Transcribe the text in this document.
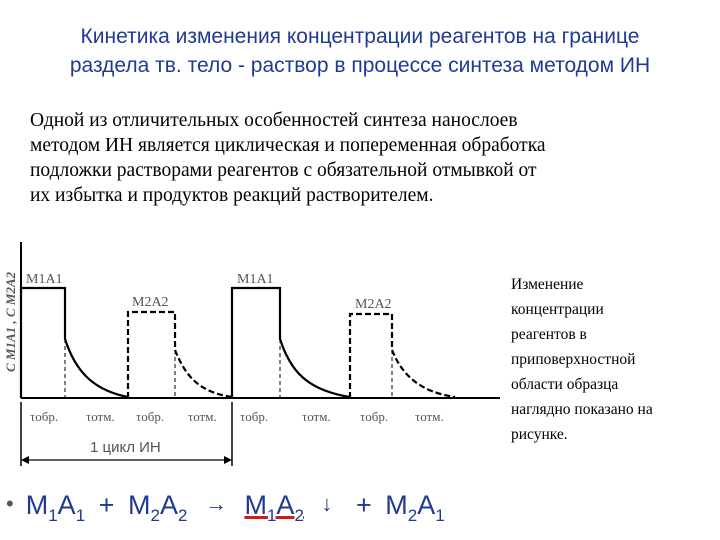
Кинетика изменения концентрации реагентов на границе
раздела тв. тело - раствор в процессе синтеза методом ИН
Одной из отличительных особенностей синтеза нанослоев
методом ИН является циклическая и попеременная обработка
подложки растворами реагентов с обязательной отмывкой от
их избытка и продуктов реакций растворителем.
C M1A1 , C M2A2 M1A1
M2A2
M1A1
M2A2
τобр. τотм. τобр. τотм. τобр.	τотм. τобр. τотм.
1 цикл ИН
Изменение
концентрации
реагентов в
приповерхностной
области образца
наглядно показано на
рисунке.
• $M_1A_1 + M_2A_2 \to M_1A_2$ ↓ + $M_2A_1$
